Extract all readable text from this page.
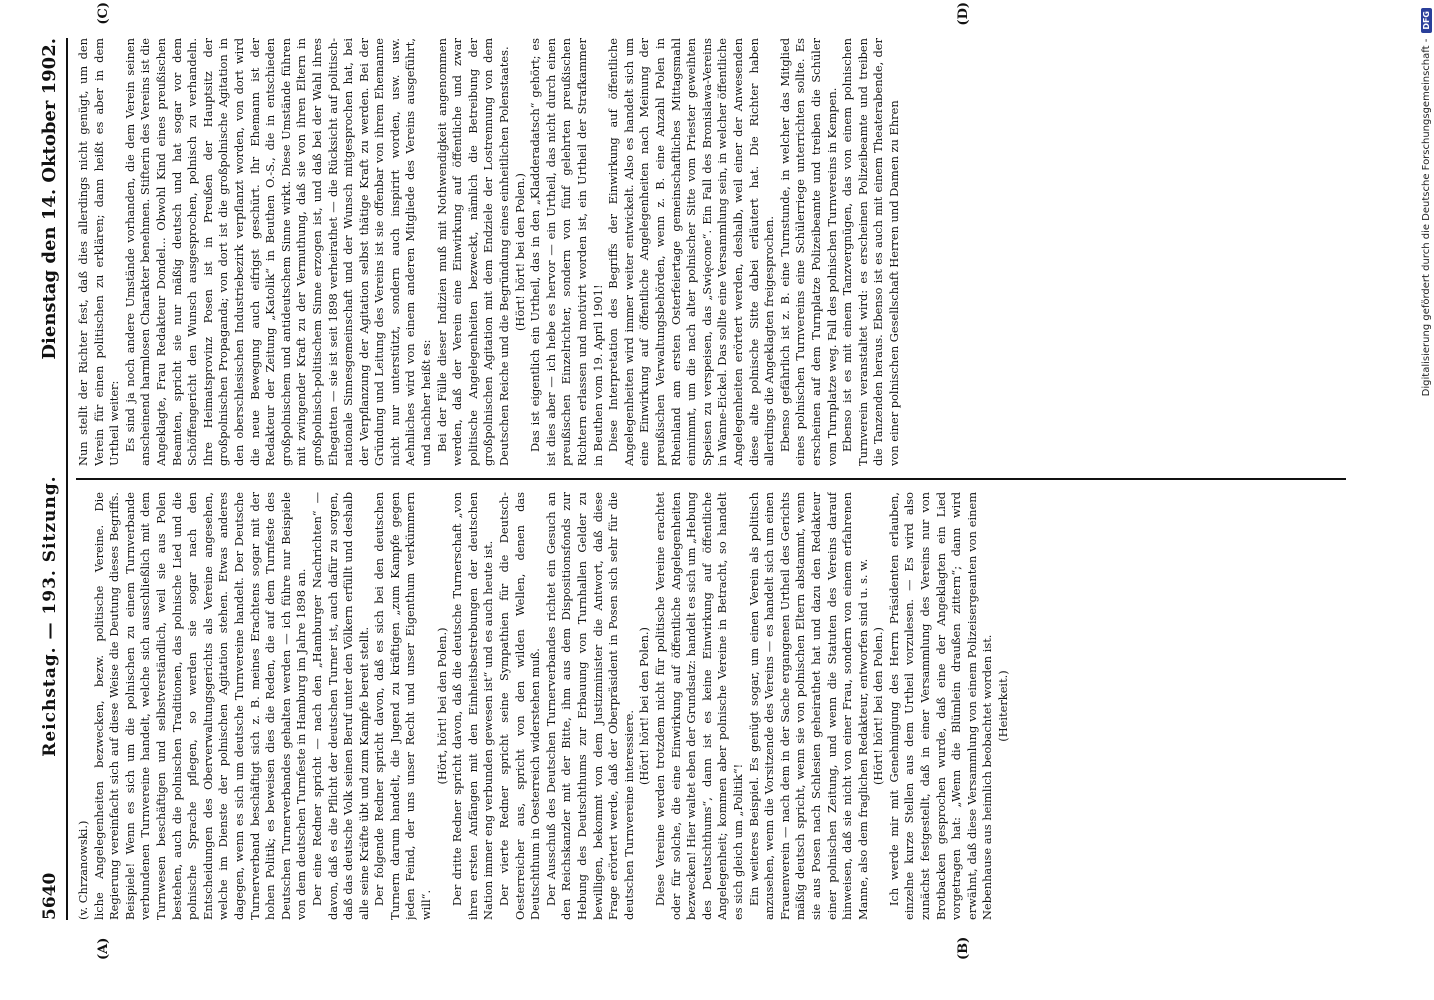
5640
Reichstag. — 193. Sitzung.
Dienstag den 14. Oktober 1902.

(v. Chrzanowski.) liche Angelegenheiten bezwecken, bezw. politische Vereine. Die Regierung vereinfacht sich auf diese Weise die Deutung dieses Begriffs. Beispiele! Wenn es sich um die polnischen zu einem Turnverbande verbundenen Turnvereine handelt, welche sich ausschließlich mit dem Turnwesen beschäftigen und selbstverständlich, weil sie aus Polen bestehen, auch die polnischen Traditionen, das polnische Lied und die polnische Sprache pflegen, so werden sie sogar nach den Entscheidungen des Oberverwaltungsgerichts als Vereine angesehen, welche im Dienste der polnischen Agitation stehen. Etwas anderes dagegen, wenn es sich um deutsche Turnvereine handelt. Der Deutsche Turnerverband beschäftigt sich z. B. meines Erachtens sogar mit der hohen Politik; es beweisen dies die Reden, die auf dem Turnfeste des Deutschen Turnerverbandes gehalten werden — ich führe nur Beispiele von dem deutschen Turnfeste in Hamburg im Jahre 1898 an. Der eine Redner spricht — nach den „Hamburger Nachrichten“ — davon, daß es die Pflicht der deutschen Turner ist, auch dafür zu sorgen, daß das deutsche Volk seinen Beruf unter den Völkern erfüllt und deshalb alle seine Kräfte übt und zum Kampfe bereit stellt. Der folgende Redner spricht davon, daß es sich bei den deutschen Turnern darum handelt, die Jugend zu kräftigen „zum Kampfe gegen jeden Feind, der uns unser Recht und unser Eigenthum verkümmern will“.

(Hört, hört! bei den Polen.) Der dritte Redner spricht davon, daß die deutsche Turnerschaft „von ihren ersten Anfängen mit den Einheitsbestrebungen der deutschen Nation immer eng verbunden gewesen ist“ und es auch heute ist. Der vierte Redner spricht seine Sympathien für die Deutsch-Oesterreicher aus, spricht von den wilden Wellen, denen das Deutschthum in Oesterreich widerstehen muß. Der Ausschuß des Deutschen Turnerverbandes richtet ein Gesuch an den Reichskanzler mit der Bitte, ihm aus dem Dispositionsfonds zur Hebung des Deutschthums zur Erbauung von Turnhallen Gelder zu bewilligen, bekommt von dem Justizminister die Antwort, daß diese Frage erörtert werde, daß der Oberpräsident in Posen sich sehr für die deutschen Turnvereine interessiere.

(Hört! hört! bei den Polen.) Diese Vereine werden trotzdem nicht für politische Vereine erachtet oder für solche, die eine Einwirkung auf öffentliche Angelegenheiten bezwecken! Hier waltet eben der Grundsatz: handelt es sich um „Hebung des Deutschthums“, dann ist es keine Einwirkung auf öffentliche Angelegenheit; kommen aber polnische Vereine in Betracht, so handelt es sich gleich um „Politik“! Ein weiteres Beispiel. Es genügt sogar, um einen Verein als politisch anzusehen, wenn die Vorsitzende des Vereins — es handelt sich um einen Frauenverein — nach dem in der Sache ergangenen Urtheil des Gerichts mäßig deutsch spricht, wenn sie von polnischen Eltern abstammt, wenn sie aus Posen nach Schlesien geheirathet hat und dazu den Redakteur einer polnischen Zeitung, und wenn die Statuten des Vereins darauf hinweisen, daß sie nicht von einer Frau, sondern von einem erfahrenen Manne, also dem fraglichen Redakteur, entworfen sind u. s. w. (Hört! hört! bei den Polen.) Ich werde mir mit Genehmigung des Herrn Präsidenten erlauben, einzelne kurze Stellen aus dem Urtheil vorzulesen. — Es wird also zunächst festgestellt, daß in einer Versammlung des Vereins nur von Brotbacken gesprochen wurde, daß eine der Angeklagten ein Lied vorgetragen hat: „Wenn die Blümlein draußen zittern“; dann wird erwähnt, daß diese Versammlung von einem Polizeisergeanten von einem Nebenhause aus heimlich beobachtet worden ist. (Heiterkeit.)

Nun stellt der Richter fest, daß dies allerdings nicht genügt, um den Verein für einen politischen zu erklären; dann heißt es aber in dem Urtheil weiter: Es sind ja noch andere Umstände vorhanden, die dem Verein seinen anscheinend harmlosen Charakter benehmen. Stifterin des Vereins ist die Angeklagte, Frau Redakteur Dondel... Obwohl Kind eines preußischen Beamten, spricht sie nur mäßig deutsch und hat sogar vor dem Schöffengericht den Wunsch ausgesprochen, polnisch zu verhandeln. Ihre Heimatsprovinz Posen ist in Preußen der Hauptsitz der großpolnischen Propaganda; von dort ist die großpolnische Agitation in den oberschlesischen Industriebezirk verpflanzt worden, von dort wird die neue Bewegung auch eifrigst geschürt. Ihr Ehemann ist der Redakteur der Zeitung „Katolik“ in Beuthen O.-S., die in entschieden großpolnischem und antideutschem Sinne wirkt. Diese Umstände führen mit zwingender Kraft zu der Vermuthung, daß sie von ihren Eltern in großpolnisch-politischem Sinne erzogen ist, und daß bei der Wahl ihres Ehegatten — sie ist seit 1898 verheirathet — die Rücksicht auf politisch-nationale Sinnesgemeinschaft und der Wunsch mitgesprochen hat, bei der Verpflanzung der Agitation selbst thätige Kraft zu werden. Bei der Gründung und Leitung des Vereins ist sie offenbar von ihrem Ehemanne nicht nur unterstützt, sondern auch inspirirt worden, usw. usw. Aehnliches wird von einem anderen Mitgliede des Vereins ausgeführt, und nachher heißt es: Bei der Fülle dieser Indizien muß mit Nothwendigkeit angenommen werden, daß der Verein eine Einwirkung auf öffentliche und zwar politische Angelegenheiten bezweckt, nämlich die Betreibung der großpolnischen Agitation mit dem Endziele der Lostrennung von dem Deutschen Reiche und die Begründung eines einheitlichen Polenstaates. (Hört! hört! bei den Polen.) Das ist eigentlich ein Urtheil, das in den „Kladderadatsch“ gehört; es ist dies aber — ich hebe es hervor — ein Urtheil, das nicht durch einen preußischen Einzelrichter, sondern von fünf gelehrten preußischen Richtern erlassen und motivirt worden ist, ein Urtheil der Strafkammer in Beuthen vom 19. April 1901! Diese Interpretation des Begriffs der Einwirkung auf öffentliche Angelegenheiten wird immer weiter entwickelt. Also es handelt sich um eine Einwirkung auf öffentliche Angelegenheiten nach Meinung der preußischen Verwaltungsbehörden, wenn z. B. eine Anzahl Polen in Rheinland am ersten Osterfeiertage gemeinschaftliches Mittagsmahl einnimmt, um die nach alter polnischer Sitte vom Priester geweihten Speisen zu verspeisen, das „Swięcone“. Ein Fall des Bronislawa-Vereins in Wanne-Eickel. Das sollte eine Versammlung sein, in welcher öffentliche Angelegenheiten erörtert werden, deshalb, weil einer der Anwesenden diese alte polnische Sitte dabei erläutert hat. Die Richter haben allerdings die Angeklagten freigesprochen. Ebenso gefährlich ist z. B. eine Turnstunde, in welcher das Mitglied eines polnischen Turnvereins eine Schülerriege unterrichten sollte. Es erscheinen auf dem Turnplatze Polizeibeamte und treiben die Schüler vom Turnplatze weg. Fall des polnischen Turnvereins in Kempen. Ebenso ist es mit einem Tanzvergnügen, das von einem polnischen Turnverein veranstaltet wird: es erscheinen Polizeibeamte und treiben die Tanzenden heraus. Ebenso ist es auch mit einem Theaterabende, der von einer polnischen Gesellschaft Herren und Damen zu Ehren

(A)	(B)
(C)	(D)
Digitalisierung gefördert durch die Deutsche Forschungsgemeinschaft -
DFG
